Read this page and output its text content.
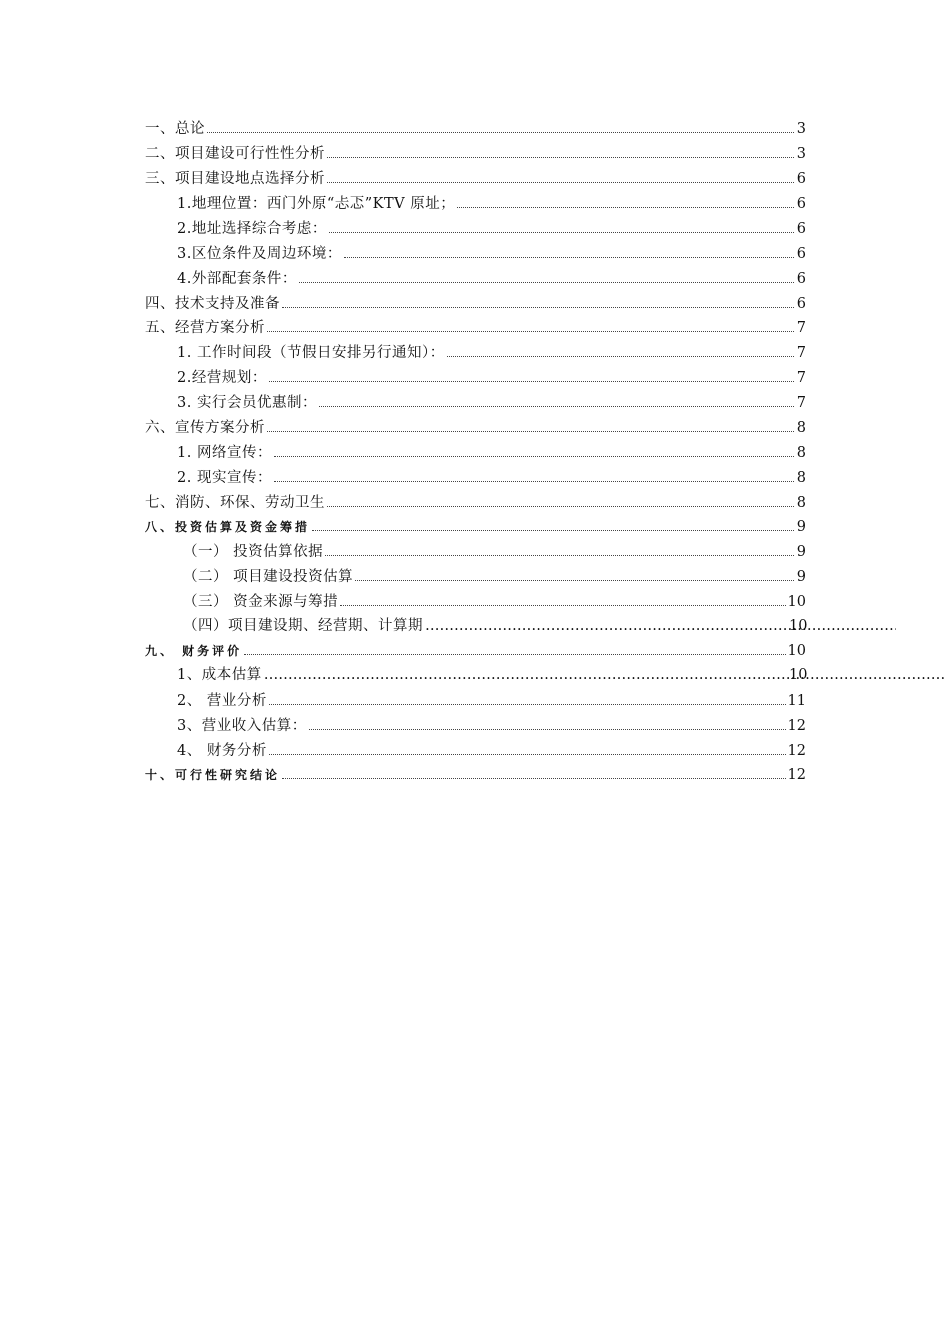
一、总论	3
二、项目建设可行性性分析	3
三、项目建设地点选择分析	6
1.地理位置：西门外原“忐忑”KTV 原址；	6
2.地址选择综合考虑：	6
3.区位条件及周边环境：	6
4.外部配套条件：	6
四、技术支持及准备	6
五、经营方案分析	7
1. 工作时间段（节假日安排另行通知）：	7
2.经营规划：	7
3. 实行会员优惠制：	7
六、宣传方案分析	8
1. 网络宣传：	8
2. 现实宣传：	8
七、消防、环保、劳动卫生	8
八、投资估算及资金筹措	9
（一） 投资估算依据	9
（二） 项目建设投资估算	9
（三） 资金来源与筹措	10
（四）项目建设期、经营期、计算期 ……………………………………………………………………………………………………………………………………………………	10
九、 财务评价	10
1、成本估算 ……………………………………………………………………………………………………………………………………………………	10
2、 营业分析	11
3、营业收入估算：	12
4、 财务分析	12
十、可行性研究结论	12
